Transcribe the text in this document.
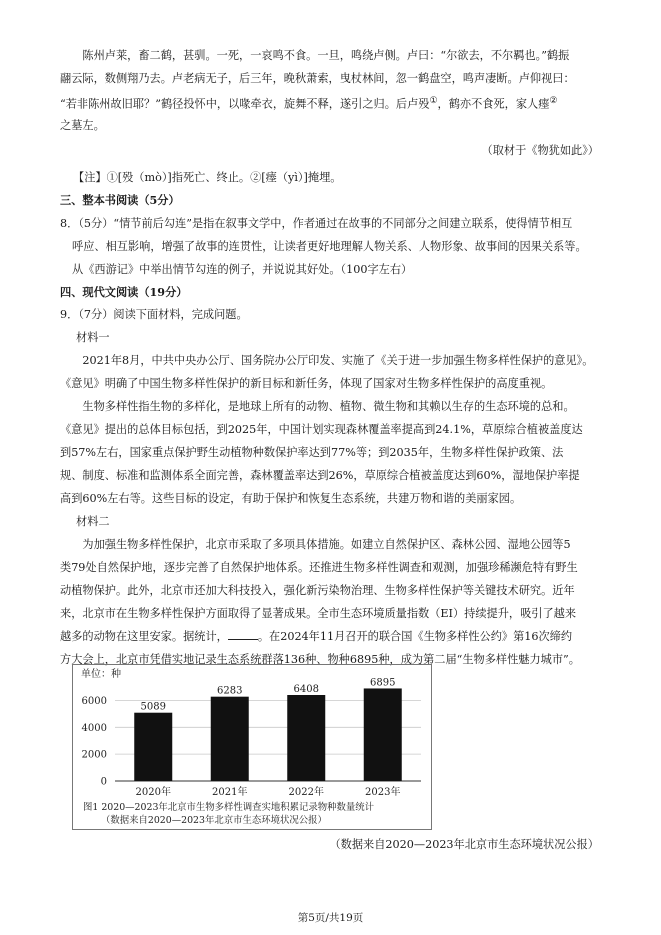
陈州卢莱，畜二鹤，甚驯。一死，一哀鸣不食。一旦，鸣绕卢侧。卢曰：“尔欲去，不尔羁也。”鹤振

翮云际，数侧翔乃去。卢老病无子，后三年，晚秋萧索，曳杖林间，忽一鹤盘空，鸣声凄断。卢仰视曰：

“若非陈州故旧耶？”鹤径投怀中，以喙牵衣，旋舞不释，遂引之归。后卢殁①，鹤亦不食死，家人瘗②

之墓左。

（取材于《物犹如此》）

【注】①[殁（mò）]指死亡、终止。②[瘗（yì）]掩埋。

三、整本书阅读（5分）

8．（5分）“情节前后勾连”是指在叙事文学中，作者通过在故事的不同部分之间建立联系，使得情节相互

呼应、相互影响，增强了故事的连贯性，让读者更好地理解人物关系、人物形象、故事间的因果关系等。

从《西游记》中举出情节勾连的例子，并说说其好处。（100字左右）

四、现代文阅读（19分）

9．（7分）阅读下面材料，完成问题。

材料一

2021年8月，中共中央办公厅、国务院办公厅印发、实施了《关于进一步加强生物多样性保护的意见》。

《意见》明确了中国生物多样性保护的新目标和新任务，体现了国家对生物多样性保护的高度重视。

生物多样性指生物的多样化，是地球上所有的动物、植物、微生物和其赖以生存的生态环境的总和。

《意见》提出的总体目标包括，到2025年，中国计划实现森林覆盖率提高到24.1%，草原综合植被盖度达

到57%左右，国家重点保护野生动植物种数保护率达到77%等；到2035年，生物多样性保护政策、法

规、制度、标准和监测体系全面完善，森林覆盖率达到26%，草原综合植被盖度达到60%，湿地保护率提

高到60%左右等。这些目标的设定，有助于保护和恢复生态系统，共建万物和谐的美丽家园。

材料二

为加强生物多样性保护，北京市采取了多项具体措施。如建立自然保护区、森林公园、湿地公园等5

类79处自然保护地，逐步完善了自然保护地体系。还推进生物多样性调查和观测，加强珍稀濒危特有野生

动植物保护。此外，北京市还加大科技投入，强化新污染物治理、生物多样性保护等关键技术研究。近年

来，北京市在生物多样性保护方面取得了显著成果。全市生态环境质量指数（EI）持续提升，吸引了越来

越多的动物在这里安家。据统计，	。在2024年11月召开的联合国《生物多样性公约》第16次缔约

方大会上，北京市凭借实地记录生态系统群落136种、物种6895种，成为第二届“生物多样性魅力城市”。

单位：种
0
2000
4000
6000
5089
2020年
6283
2021年
6408
2022年
6895
2023年
图1 2020—2023年北京市生物多样性调查实地积累记录物种数量统计
（数据来自2020—2023年北京市生态环境状况公报）
（数据来自2020—2023年北京市生态环境状况公报）
第5页/共19页
